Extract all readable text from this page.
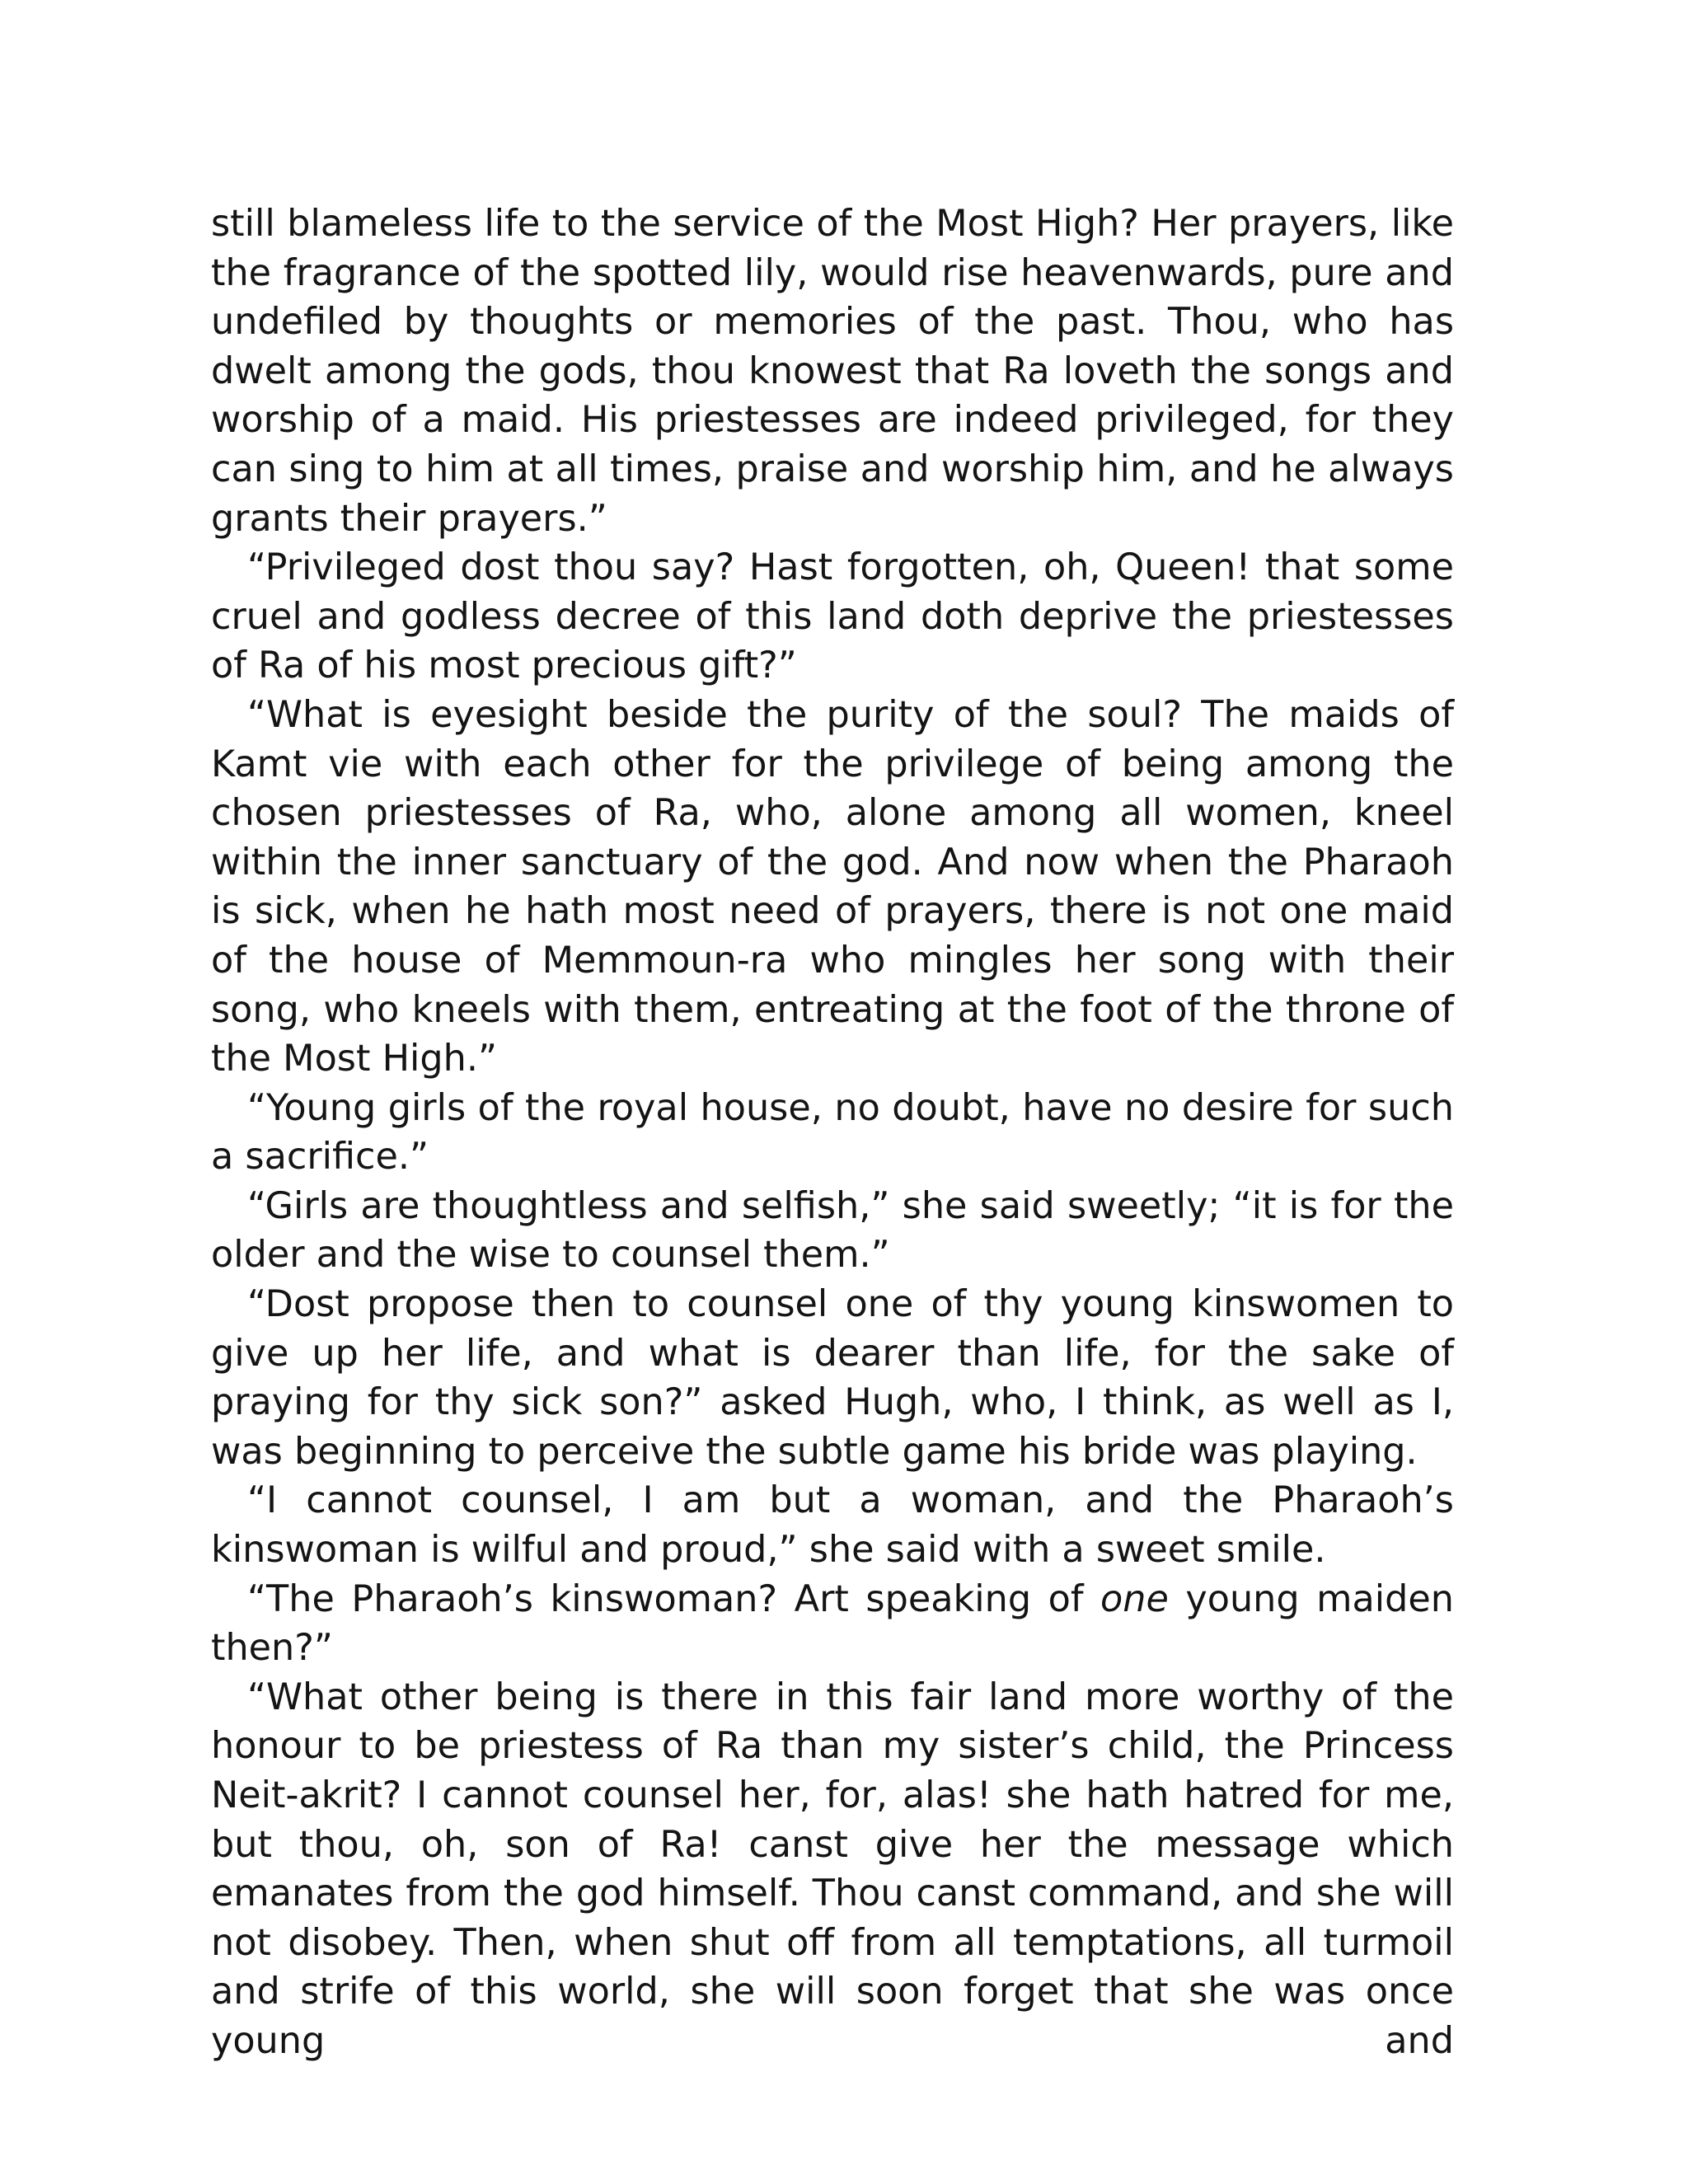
still blameless life to the service of the Most High? Her prayers, like the fragrance of the spotted lily, would rise heavenwards, pure and undefiled by thoughts or memories of the past. Thou, who has dwelt among the gods, thou knowest that Ra loveth the songs and worship of a maid. His priestesses are indeed privileged, for they can sing to him at all times, praise and worship him, and he always grants their prayers.”

“Privileged dost thou say? Hast forgotten, oh, Queen! that some cruel and godless decree of this land doth deprive the priestesses of Ra of his most precious gift?”

“What is eyesight beside the purity of the soul? The maids of Kamt vie with each other for the privilege of being among the chosen priestesses of Ra, who, alone among all women, kneel within the inner sanctuary of the god. And now when the Pharaoh is sick, when he hath most need of prayers, there is not one maid of the house of Memmoun-ra who mingles her song with their song, who kneels with them, entreating at the foot of the throne of the Most High.”

“Young girls of the royal house, no doubt, have no desire for such a sacrifice.”

“Girls are thoughtless and selfish,” she said sweetly; “it is for the older and the wise to counsel them.”

“Dost propose then to counsel one of thy young kinswomen to give up her life, and what is dearer than life, for the sake of praying for thy sick son?” asked Hugh, who, I think, as well as I, was beginning to perceive the subtle game his bride was playing.

“I cannot counsel, I am but a woman, and the Pharaoh’s kinswoman is wilful and proud,” she said with a sweet smile.

“The Pharaoh’s kinswoman? Art speaking of one young maiden then?”

“What other being is there in this fair land more worthy of the honour to be priestess of Ra than my sister’s child, the Princess Neit-akrit? I cannot counsel her, for, alas! she hath hatred for me, but thou, oh, son of Ra! canst give her the message which emanates from the god himself. Thou canst command, and she will not disobey. Then, when shut off from all temptations, all turmoil and strife of this world, she will soon forget that she was once young and
